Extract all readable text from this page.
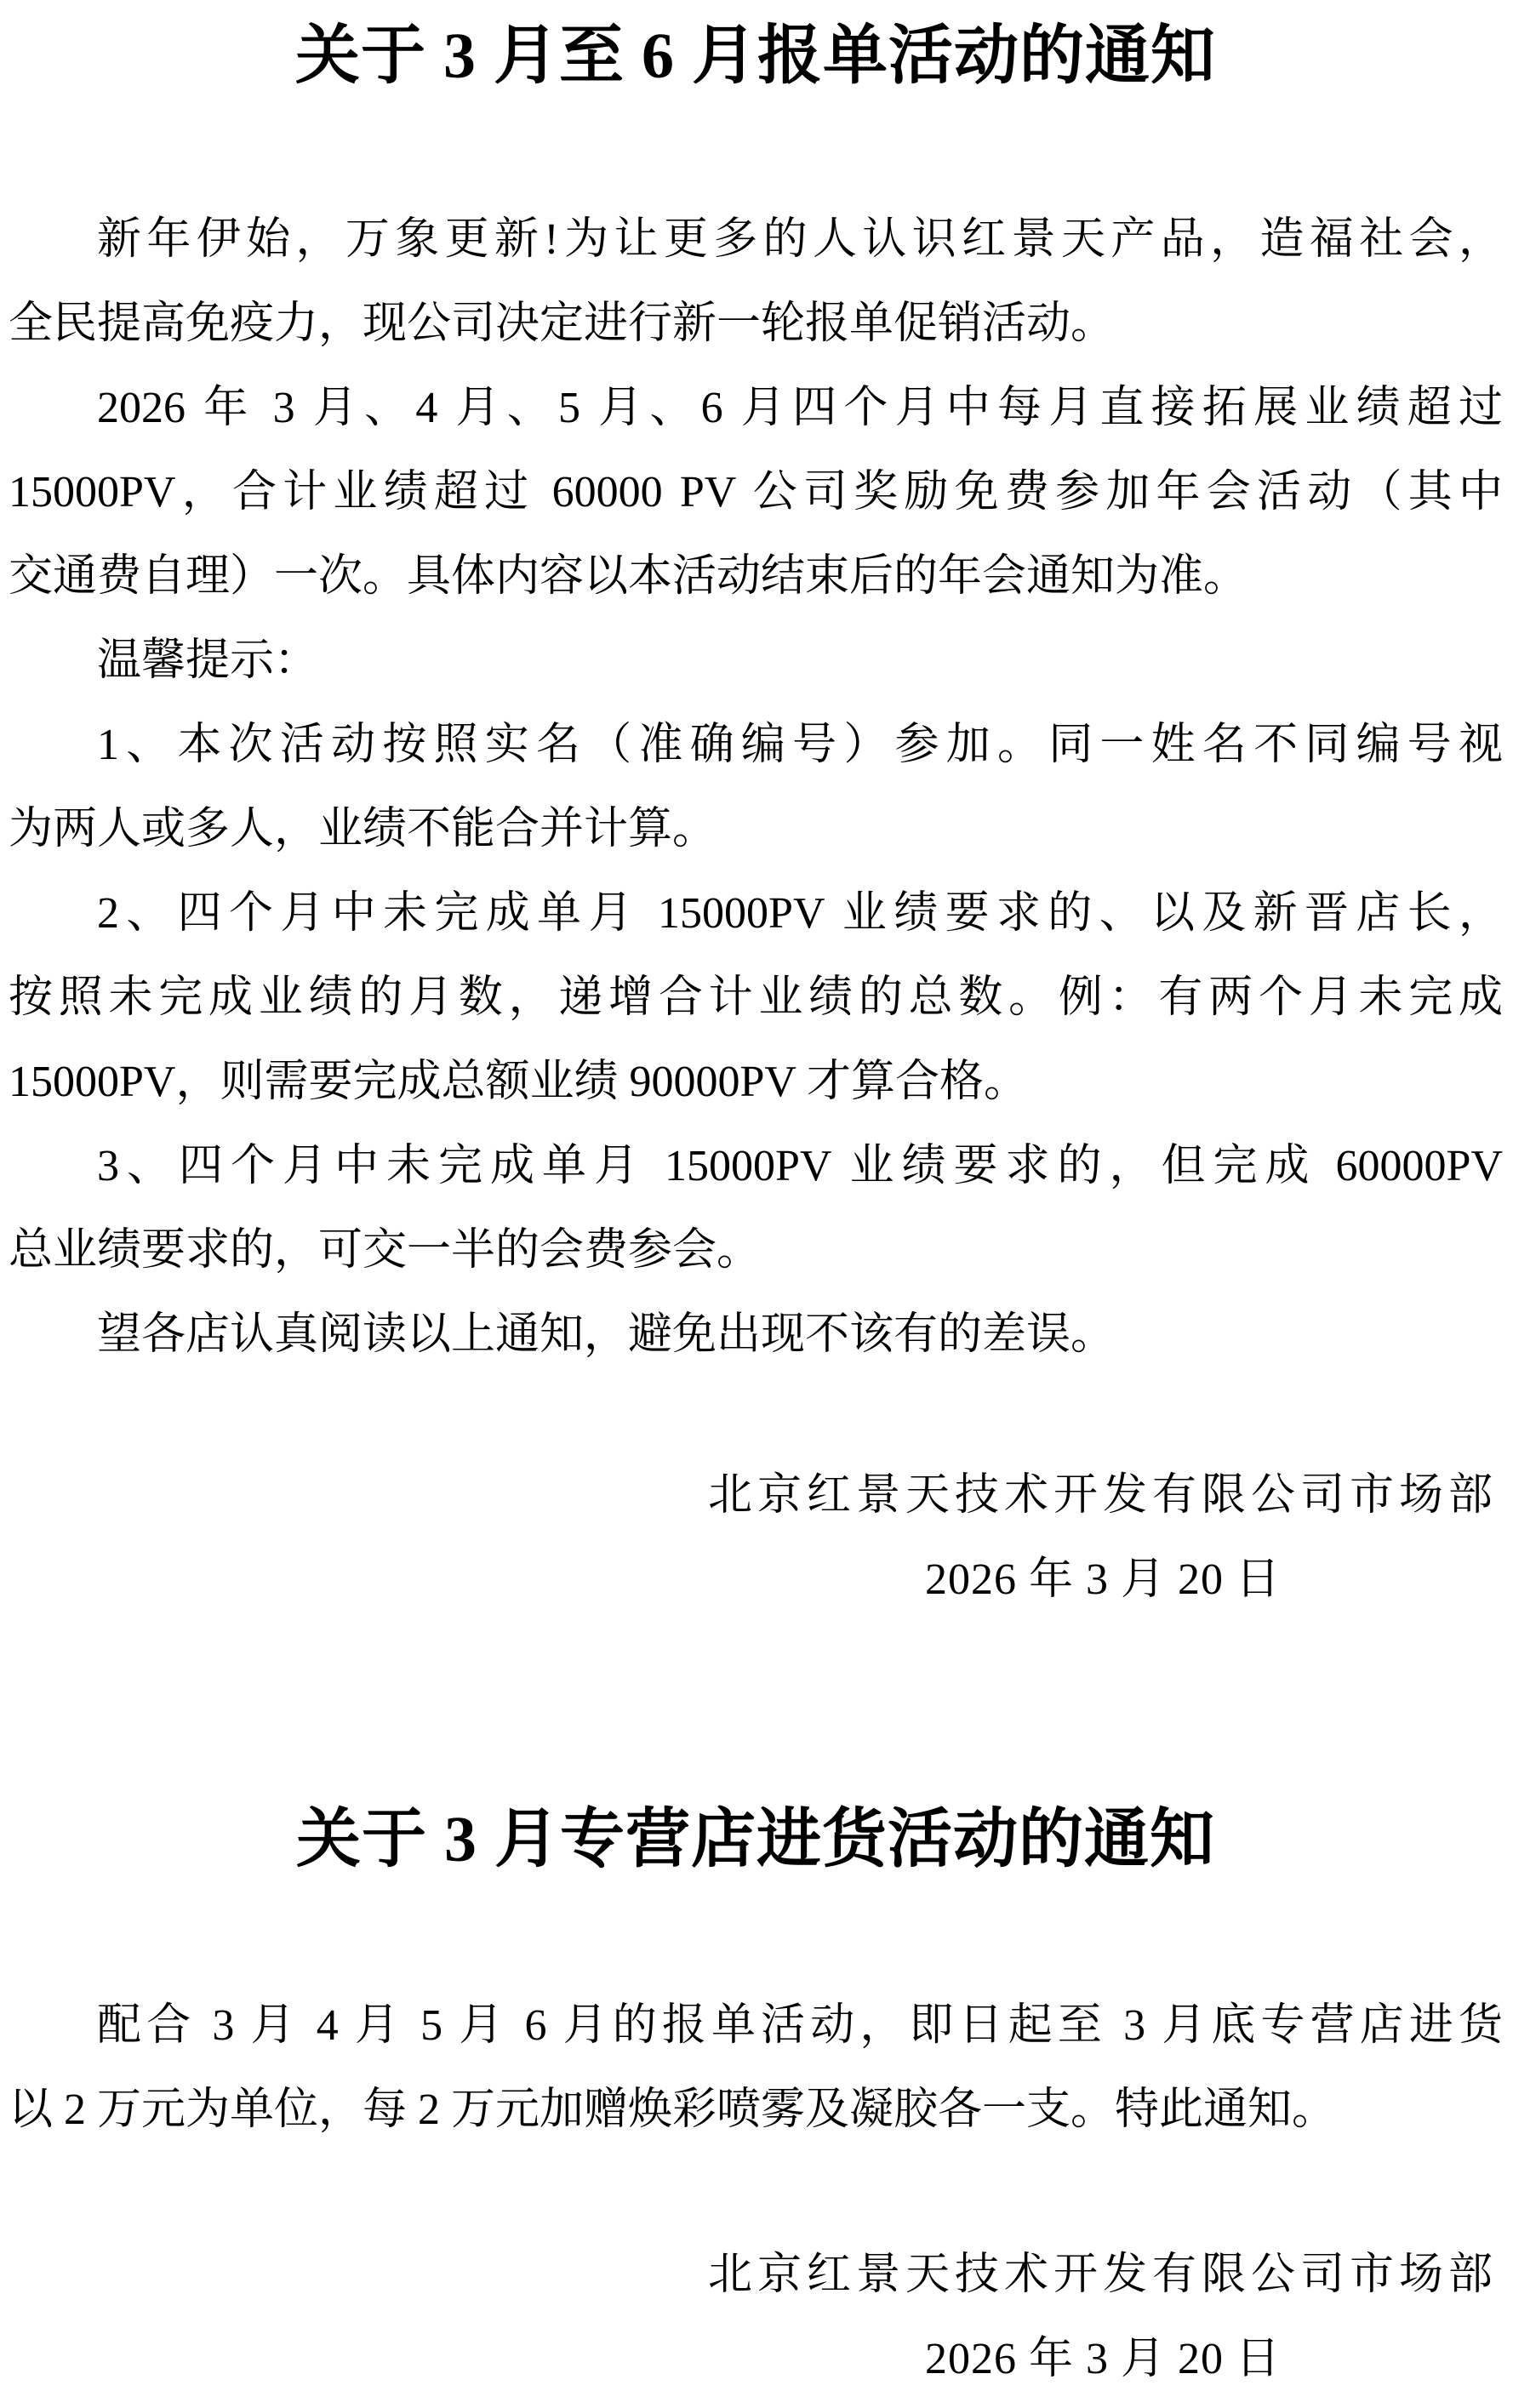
关于 3 月至 6 月报单活动的通知
新年伊始，万象更新!为让更多的人认识红景天产品，造福社会，
全民提高免疫力，现公司决定进行新一轮报单促销活动。
2026 年 3 月、4 月、5 月、6 月四个月中每月直接拓展业绩超过
15000PV，合计业绩超过 60000 PV 公司奖励免费参加年会活动（其中
交通费自理）一次。具体内容以本活动结束后的年会通知为准。
温馨提示：
1、本次活动按照实名（准确编号）参加。同一姓名不同编号视
为两人或多人，业绩不能合并计算。
2、四个月中未完成单月 15000PV 业绩要求的、以及新晋店长，
按照未完成业绩的月数，递增合计业绩的总数。例：有两个月未完成
15000PV，则需要完成总额业绩 90000PV 才算合格。
3、四个月中未完成单月 15000PV 业绩要求的，但完成 60000PV
总业绩要求的，可交一半的会费参会。
望各店认真阅读以上通知，避免出现不该有的差误。
北京红景天技术开发有限公司市场部
2026 年 3 月 20 日
关于 3 月专营店进货活动的通知
配合 3 月 4 月 5 月 6 月的报单活动，即日起至 3 月底专营店进货
以 2 万元为单位，每 2 万元加赠焕彩喷雾及凝胶各一支。特此通知。
北京红景天技术开发有限公司市场部
2026 年 3 月 20 日
